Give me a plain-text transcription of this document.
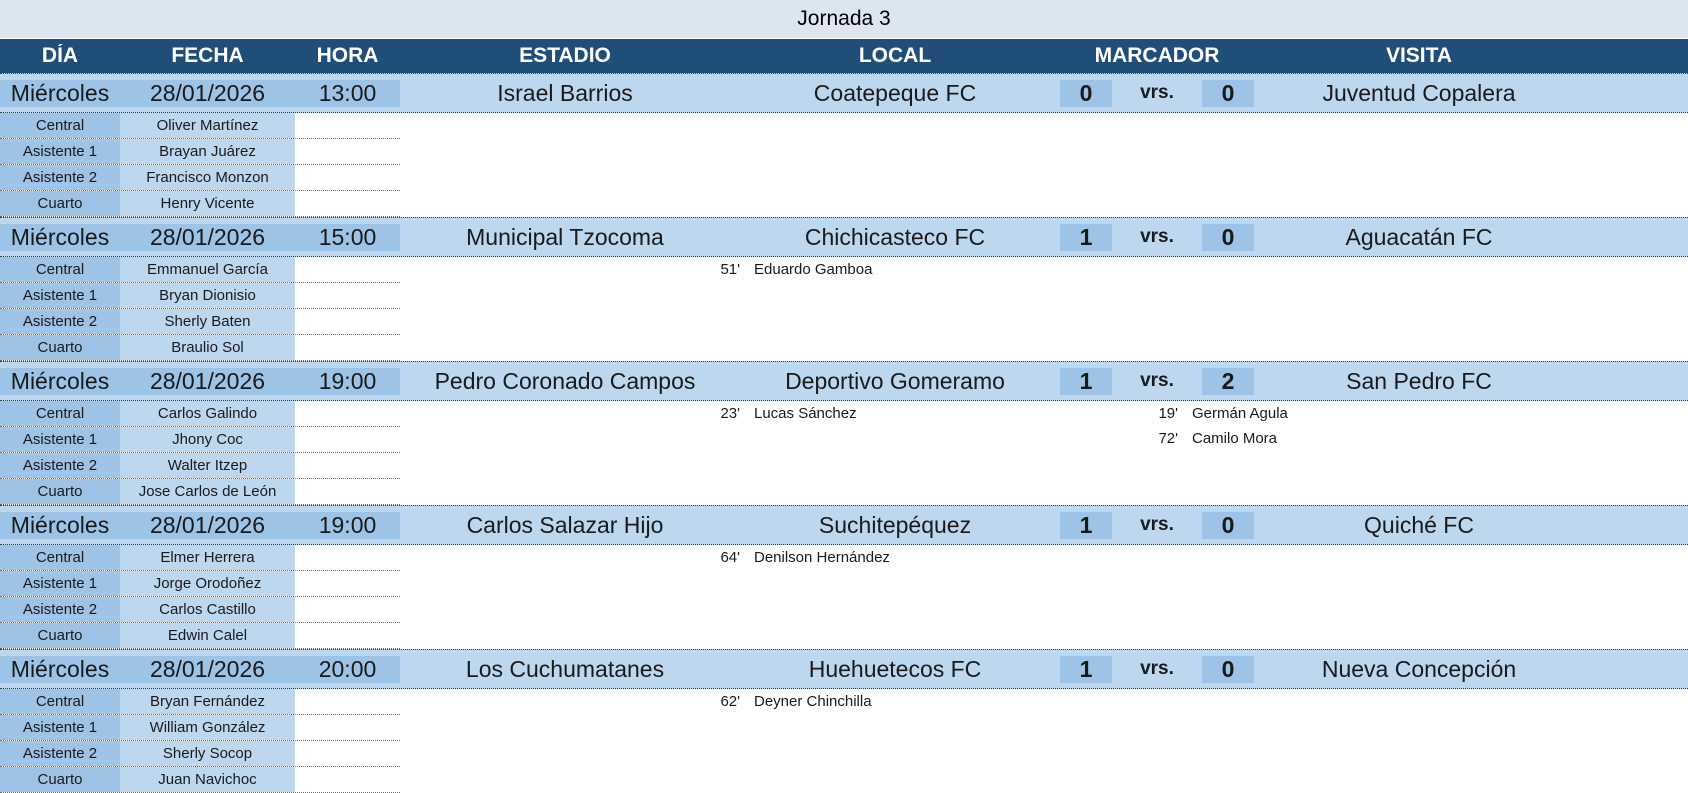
Jornada 3
DÍA	FECHA	HORA	ESTADIO	LOCAL	MARCADOR	VISITA
Miércoles	28/01/2026	13:00	Israel Barrios	Coatepeque FC	0	vrs.	0	Juventud Copalera
Central	Oliver Martínez
Asistente 1	Brayan Juárez
Asistente 2	Francisco Monzon
Cuarto	Henry Vicente
Miércoles	28/01/2026	15:00	Municipal Tzocoma	Chichicasteco FC	1	vrs.	0	Aguacatán FC
Central	Emmanuel García
Asistente 1	Bryan Dionisio
Asistente 2	Sherly Baten
Cuarto	Braulio Sol
51' Eduardo Gamboa
Miércoles	28/01/2026	19:00	Pedro Coronado Campos	Deportivo Gomeramo	1	vrs.	2	San Pedro FC
Central	Carlos Galindo
Asistente 1	Jhony Coc
Asistente 2	Walter Itzep
Cuarto	Jose Carlos de León
23' Lucas Sánchez	19' Germán Agula
72' Camilo Mora
Miércoles	28/01/2026	19:00	Carlos Salazar Hijo	Suchitepéquez	1	vrs.	0	Quiché FC
Central	Elmer Herrera
Asistente 1	Jorge Orodoñez
Asistente 2	Carlos Castillo
Cuarto	Edwin Calel
64' Denilson Hernández
Miércoles	28/01/2026	20:00	Los Cuchumatanes	Huehuetecos FC	1	vrs.	0	Nueva Concepción
Central	Bryan Fernández
Asistente 1	William González
Asistente 2	Sherly Socop
Cuarto	Juan Navichoc
62' Deyner Chinchilla
